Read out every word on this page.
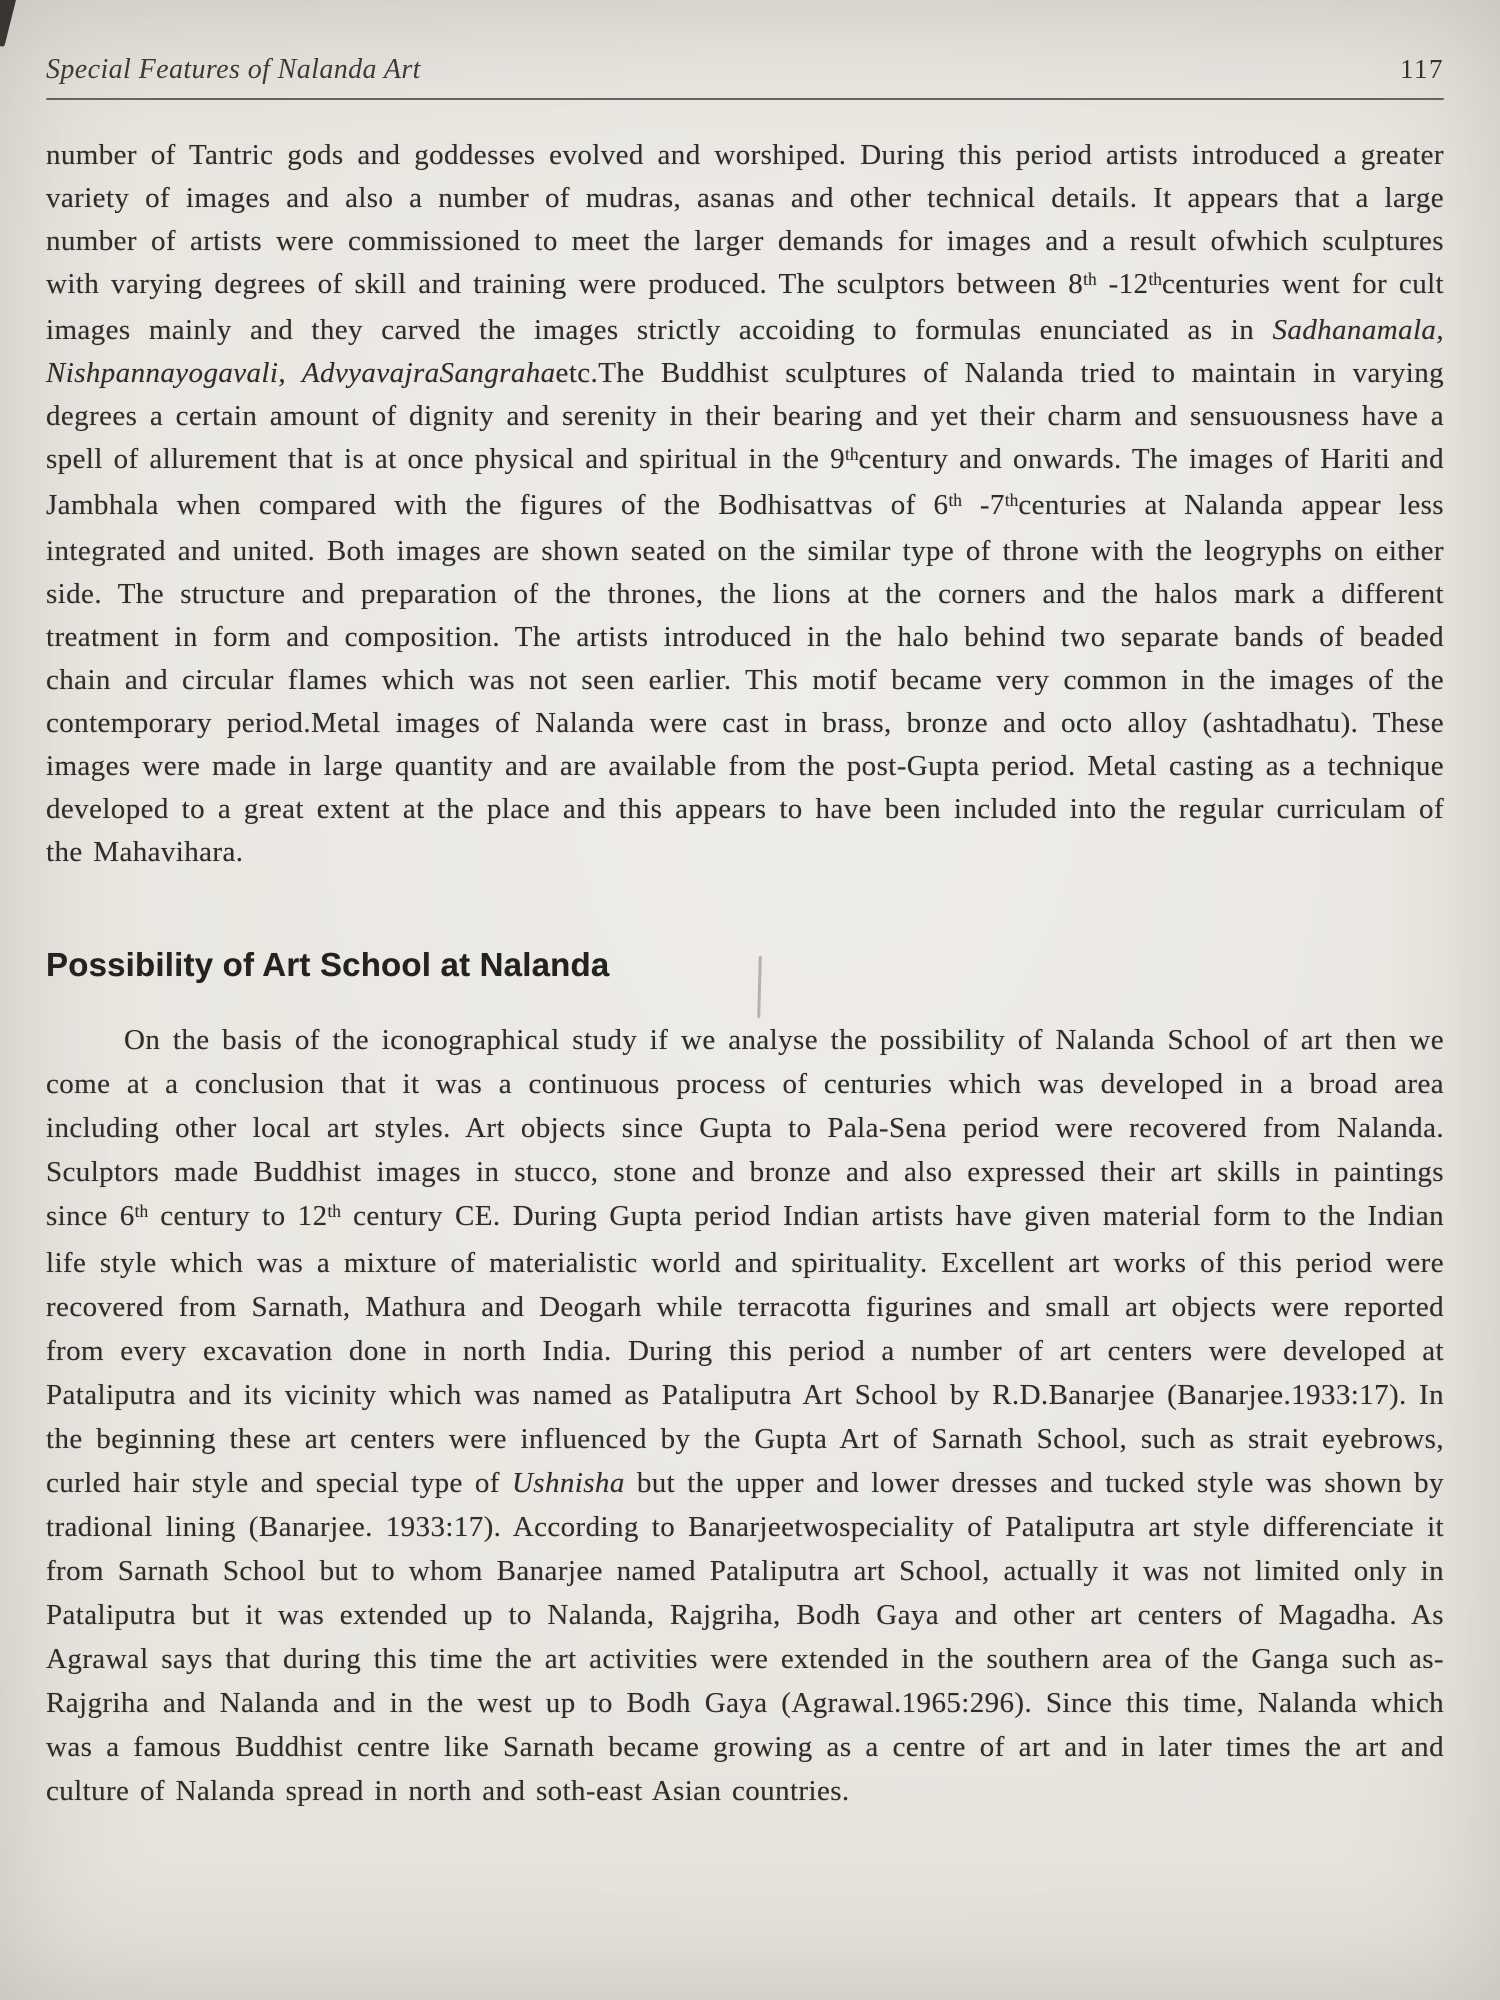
Special Features of Nalanda Art	117

number of Tantric gods and goddesses evolved and worshiped. During this period artists introduced a greater variety of images and also a number of mudras, asanas and other technical details. It appears that a large number of artists were commissioned to meet the larger demands for images and a result ofwhich sculptures with varying degrees of skill and training were produced. The sculptors between 8th -12thcenturies went for cult images mainly and they carved the images strictly accoiding to formulas enunciated as in Sadhanamala, Nishpannayogavali, AdvyavajraSangrahaetc.The Buddhist sculptures of Nalanda tried to maintain in varying degrees a certain amount of dignity and serenity in their bearing and yet their charm and sensuousness have a spell of allurement that is at once physical and spiritual in the 9thcentury and onwards. The images of Hariti and Jambhala when compared with the figures of the Bodhisattvas of 6th -7thcenturies at Nalanda appear less integrated and united. Both images are shown seated on the similar type of throne with the leogryphs on either side. The structure and preparation of the thrones, the lions at the corners and the halos mark a different treatment in form and composition. The artists introduced in the halo behind two separate bands of beaded chain and circular flames which was not seen earlier. This motif became very common in the images of the contemporary period.Metal images of Nalanda were cast in brass, bronze and octo alloy (ashtadhatu). These images were made in large quantity and are available from the post-Gupta period. Metal casting as a technique developed to a great extent at the place and this appears to have been included into the regular curriculam of the Mahavihara.

Possibility of Art School at Nalanda

On the basis of the iconographical study if we analyse the possibility of Nalanda School of art then we come at a conclusion that it was a continuous process of centuries which was developed in a broad area including other local art styles. Art objects since Gupta to Pala-Sena period were recovered from Nalanda. Sculptors made Buddhist images in stucco, stone and bronze and also expressed their art skills in paintings since 6th century to 12th century CE. During Gupta period Indian artists have given material form to the Indian life style which was a mixture of materialistic world and spirituality. Excellent art works of this period were recovered from Sarnath, Mathura and Deogarh while terracotta figurines and small art objects were reported from every excavation done in north India. During this period a number of art centers were developed at Pataliputra and its vicinity which was named as Pataliputra Art School by R.D.Banarjee (Banarjee.1933:17). In the beginning these art centers were influenced by the Gupta Art of Sarnath School, such as strait eyebrows, curled hair style and special type of Ushnisha but the upper and lower dresses and tucked style was shown by tradional lining (Banarjee. 1933:17). According to Banarjeetwospeciality of Pataliputra art style differenciate it from Sarnath School but to whom Banarjee named Pataliputra art School, actually it was not limited only in Pataliputra but it was extended up to Nalanda, Rajgriha, Bodh Gaya and other art centers of Magadha. As Agrawal says that during this time the art activities were extended in the southern area of the Ganga such as-Rajgriha and Nalanda and in the west up to Bodh Gaya (Agrawal.1965:296). Since this time, Nalanda which was a famous Buddhist centre like Sarnath became growing as a centre of art and in later times the art and culture of Nalanda spread in north and soth-east Asian countries.
